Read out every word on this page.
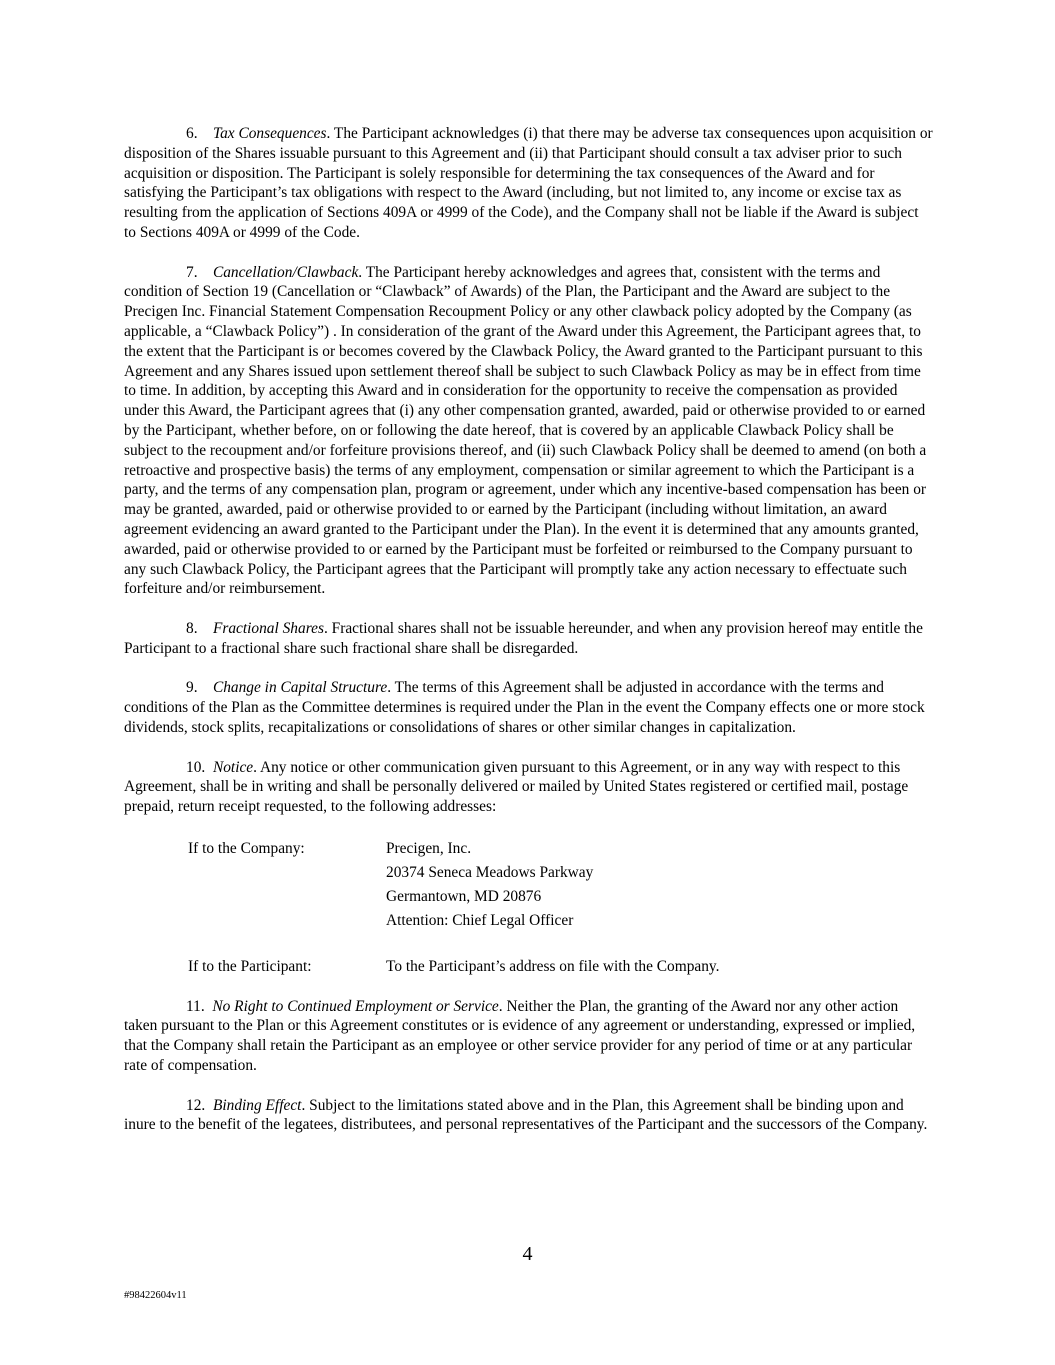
6. Tax Consequences. The Participant acknowledges (i) that there may be adverse tax consequences upon acquisition or disposition of the Shares issuable pursuant to this Agreement and (ii) that Participant should consult a tax adviser prior to such acquisition or disposition. The Participant is solely responsible for determining the tax consequences of the Award and for satisfying the Participant’s tax obligations with respect to the Award (including, but not limited to, any income or excise tax as resulting from the application of Sections 409A or 4999 of the Code), and the Company shall not be liable if the Award is subject to Sections 409A or 4999 of the Code.

7. Cancellation/Clawback. The Participant hereby acknowledges and agrees that, consistent with the terms and condition of Section 19 (Cancellation or “Clawback” of Awards) of the Plan, the Participant and the Award are subject to the Precigen Inc. Financial Statement Compensation Recoupment Policy or any other clawback policy adopted by the Company (as applicable, a “Clawback Policy”) . In consideration of the grant of the Award under this Agreement, the Participant agrees that, to the extent that the Participant is or becomes covered by the Clawback Policy, the Award granted to the Participant pursuant to this Agreement and any Shares issued upon settlement thereof shall be subject to such Clawback Policy as may be in effect from time to time. In addition, by accepting this Award and in consideration for the opportunity to receive the compensation as provided under this Award, the Participant agrees that (i) any other compensation granted, awarded, paid or otherwise provided to or earned by the Participant, whether before, on or following the date hereof, that is covered by an applicable Clawback Policy shall be subject to the recoupment and/or forfeiture provisions thereof, and (ii) such Clawback Policy shall be deemed to amend (on both a retroactive and prospective basis) the terms of any employment, compensation or similar agreement to which the Participant is a party, and the terms of any compensation plan, program or agreement, under which any incentive-based compensation has been or may be granted, awarded, paid or otherwise provided to or earned by the Participant (including without limitation, an award agreement evidencing an award granted to the Participant under the Plan). In the event it is determined that any amounts granted, awarded, paid or otherwise provided to or earned by the Participant must be forfeited or reimbursed to the Company pursuant to any such Clawback Policy, the Participant agrees that the Participant will promptly take any action necessary to effectuate such forfeiture and/or reimbursement.

8. Fractional Shares. Fractional shares shall not be issuable hereunder, and when any provision hereof may entitle the Participant to a fractional share such fractional share shall be disregarded.

9. Change in Capital Structure. The terms of this Agreement shall be adjusted in accordance with the terms and conditions of the Plan as the Committee determines is required under the Plan in the event the Company effects one or more stock dividends, stock splits, recapitalizations or consolidations of shares or other similar changes in capitalization.

10. Notice. Any notice or other communication given pursuant to this Agreement, or in any way with respect to this Agreement, shall be in writing and shall be personally delivered or mailed by United States registered or certified mail, postage prepaid, return receipt requested, to the following addresses:

If to the Company:	Precigen, Inc.
20374 Seneca Meadows Parkway
Germantown, MD 20876
Attention: Chief Legal Officer
If to the Participant:	To the Participant’s address on file with the Company.

11. No Right to Continued Employment or Service. Neither the Plan, the granting of the Award nor any other action taken pursuant to the Plan or this Agreement constitutes or is evidence of any agreement or understanding, expressed or implied, that the Company shall retain the Participant as an employee or other service provider for any period of time or at any particular rate of compensation.

12. Binding Effect. Subject to the limitations stated above and in the Plan, this Agreement shall be binding upon and inure to the benefit of the legatees, distributees, and personal representatives of the Participant and the successors of the Company.

4
#98422604v11
